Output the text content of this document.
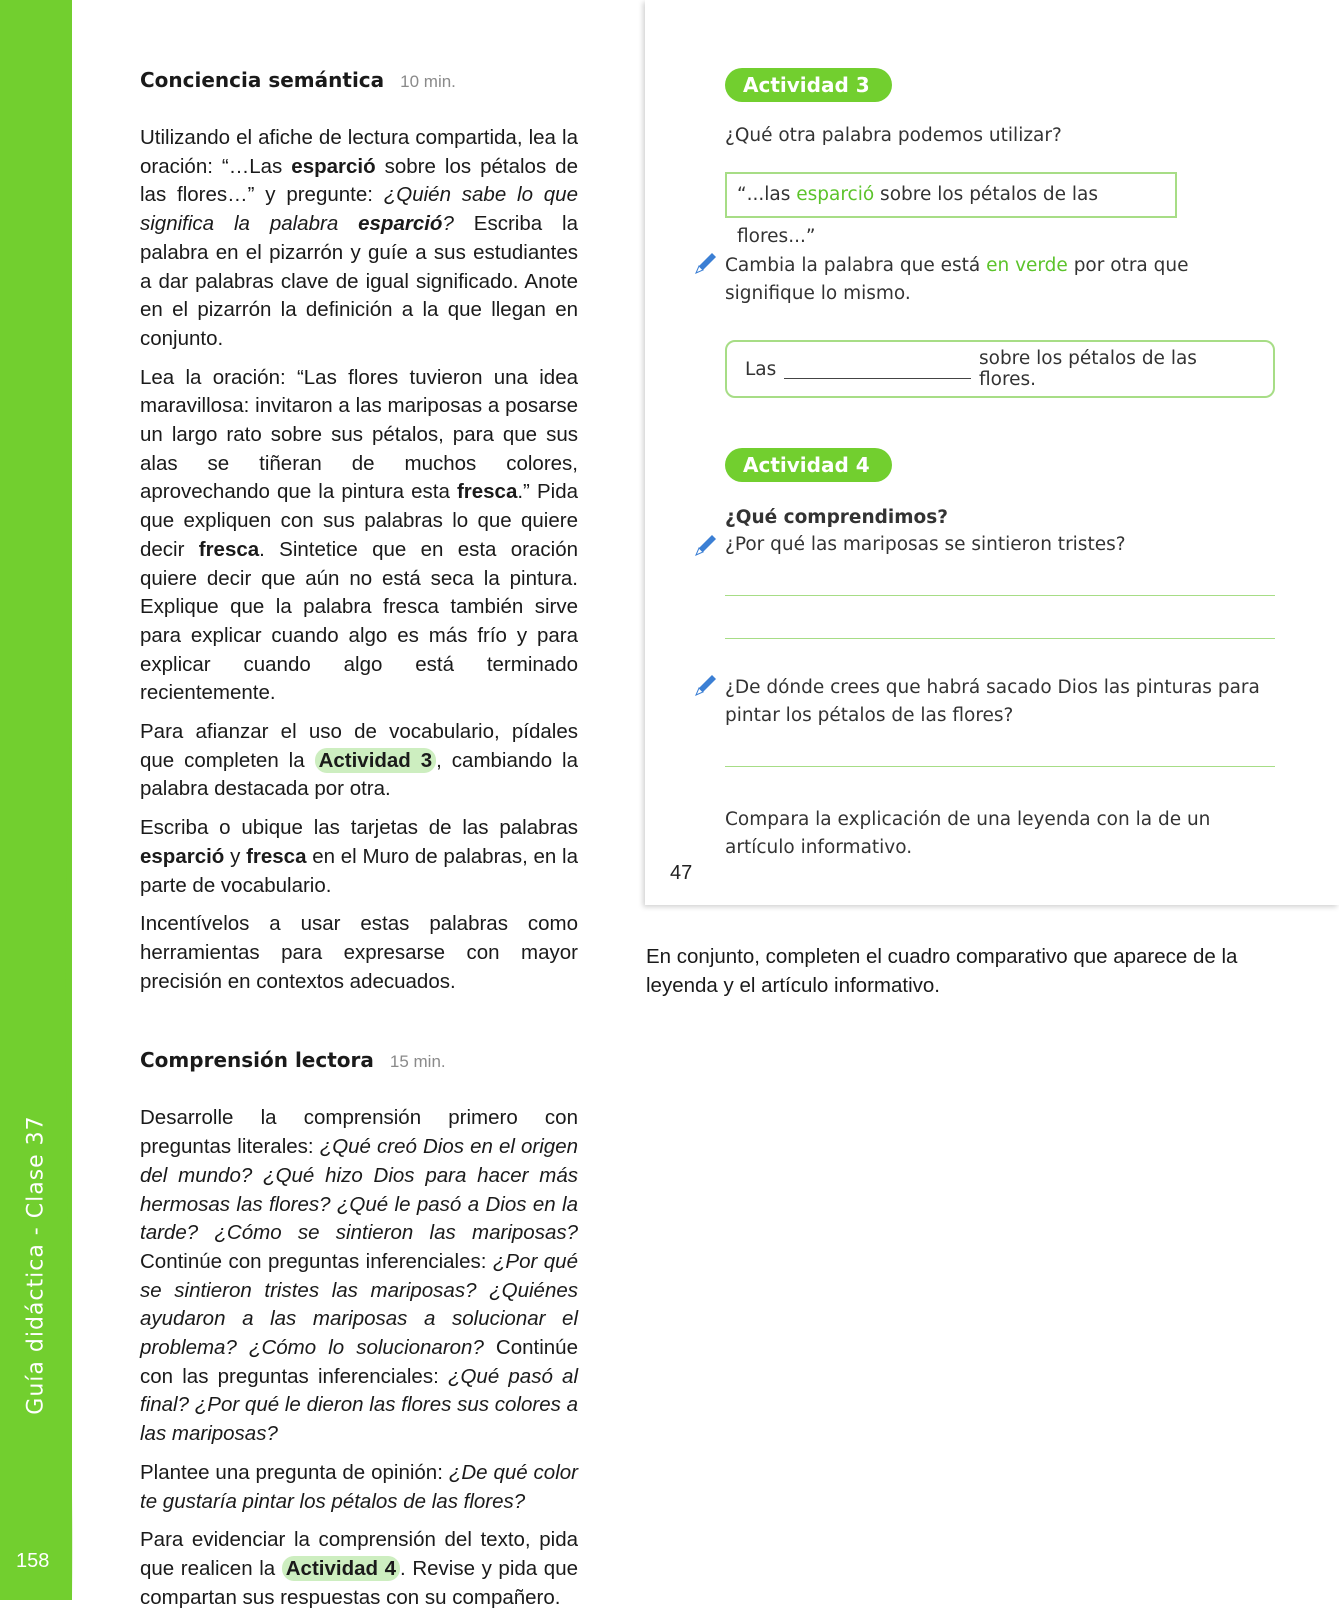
Guía didáctica - Clase 37
158
Conciencia semántica 10 min.

Utilizando el afiche de lectura compartida, lea la oración: “…Las esparció sobre los pétalos de las flores…” y pregunte: ¿Quién sabe lo que significa la palabra esparció? Escriba la palabra en el pizarrón y guíe a sus estudiantes a dar palabras clave de igual significado. Anote en el pizarrón la definición a la que llegan en conjunto.

Lea la oración: “Las flores tuvieron una idea maravillosa: invitaron a las mariposas a posarse un largo rato sobre sus pétalos, para que sus alas se tiñeran de muchos colores, aprovechando que la pintura esta fresca.” Pida que expliquen con sus palabras lo que quiere decir fresca. Sintetice que en esta oración quiere decir que aún no está seca la pintura. Explique que la palabra fresca también sirve para explicar cuando algo es más frío y para explicar cuando algo está terminado recientemente.

Para afianzar el uso de vocabulario, pídales que completen la Actividad 3 , cambiando la palabra destacada por otra.

Escriba o ubique las tarjetas de las palabras esparció y fresca en el Muro de palabras, en la parte de vocabulario.

Incentívelos a usar estas palabras como herramientas para expresarse con mayor precisión en contextos adecuados.

Comprensión lectora 15 min.

Desarrolle la comprensión primero con preguntas literales: ¿Qué creó Dios en el origen del mundo? ¿Qué hizo Dios para hacer más hermosas las flores? ¿Qué le pasó a Dios en la tarde? ¿Cómo se sintieron las mariposas? Continúe con preguntas inferenciales: ¿Por qué se sintieron tristes las mariposas? ¿Quiénes ayudaron a las mariposas a solucionar el problema? ¿Cómo lo solucionaron? Continúe con las preguntas inferenciales: ¿Qué pasó al final? ¿Por qué le dieron las flores sus colores a las mariposas?

Plantee una pregunta de opinión: ¿De qué color te gustaría pintar los pétalos de las flores?

Para evidenciar la comprensión del texto, pida que realicen la Actividad 4 . Revise y pida que compartan sus respuestas con su compañero.

Actividad 3
¿Qué otra palabra podemos utilizar?
“...las esparció sobre los pétalos de las flores...”
Cambia la palabra que está en verde por otra que signifique lo mismo.
Las	sobre los pétalos de las flores.
Actividad 4
¿Qué comprendimos?
¿Por qué las mariposas se sintieron tristes?
¿De dónde crees que habrá sacado Dios las pinturas para pintar los pétalos de las flores?
Compara la explicación de una leyenda con la de un artículo informativo.
47
En conjunto, completen el cuadro comparativo que aparece de la leyenda y el artículo informativo.
